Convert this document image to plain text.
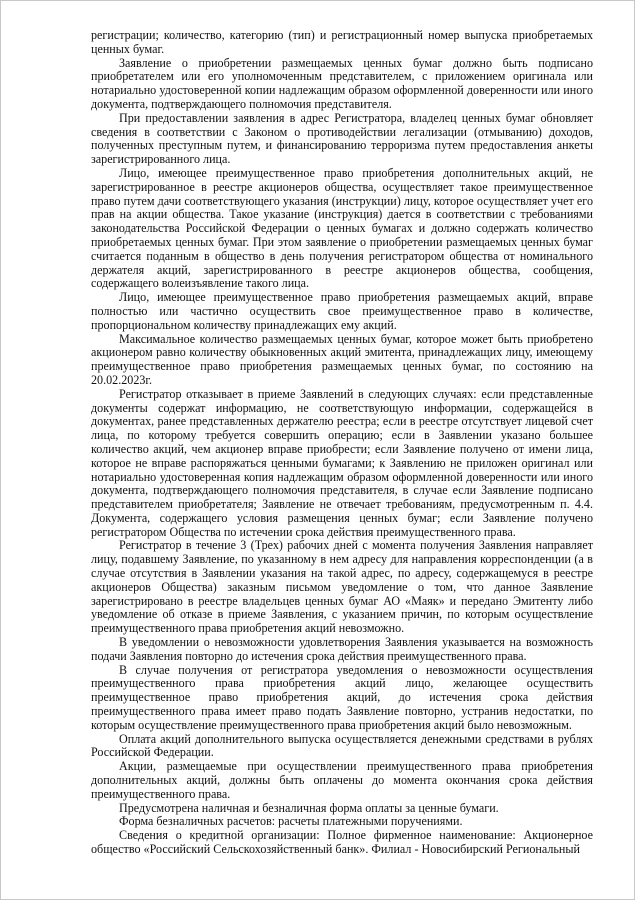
регистрации; количество, категорию (тип) и регистрационный номер выпуска приобретаемых ценных бумаг.

Заявление о приобретении размещаемых ценных бумаг должно быть подписано приобретателем или его уполномоченным представителем, с приложением оригинала или нотариально удостоверенной копии надлежащим образом оформленной доверенности или иного документа, подтверждающего полномочия представителя.

При предоставлении заявления в адрес Регистратора, владелец ценных бумаг обновляет сведения в соответствии с Законом о противодействии легализации (отмыванию) доходов, полученных преступным путем, и финансированию терроризма путем предоставления анкеты зарегистрированного лица.

Лицо, имеющее преимущественное право приобретения дополнительных акций, не зарегистрированное в реестре акционеров общества, осуществляет такое преимущественное право путем дачи соответствующего указания (инструкции) лицу, которое осуществляет учет его прав на акции общества. Такое указание (инструкция) дается в соответствии с требованиями законодательства Российской Федерации о ценных бумагах и должно содержать количество приобретаемых ценных бумаг. При этом заявление о приобретении размещаемых ценных бумаг считается поданным в общество в день получения регистратором общества от номинального держателя акций, зарегистрированного в реестре акционеров общества, сообщения, содержащего волеизъявление такого лица.

Лицо, имеющее преимущественное право приобретения размещаемых акций, вправе полностью или частично осуществить свое преимущественное право в количестве, пропорциональном количеству принадлежащих ему акций.

Максимальное количество размещаемых ценных бумаг, которое может быть приобретено акционером равно количеству обыкновенных акций эмитента, принадлежащих лицу, имеющему преимущественное право приобретения размещаемых ценных бумаг, по состоянию на 20.02.2023г.

Регистратор отказывает в приеме Заявлений в следующих случаях: если представленные документы содержат информацию, не соответствующую информации, содержащейся в документах, ранее представленных держателю реестра; если в реестре отсутствует лицевой счет лица, по которому требуется совершить операцию; если в Заявлении указано большее количество акций, чем акционер вправе приобрести; если Заявление получено от имени лица, которое не вправе распоряжаться ценными бумагами; к Заявлению не приложен оригинал или нотариально удостоверенная копия надлежащим образом оформленной доверенности или иного документа, подтверждающего полномочия представителя, в случае если Заявление подписано представителем приобретателя; Заявление не отвечает требованиям, предусмотренным п. 4.4. Документа, содержащего условия размещения ценных бумаг; если Заявление получено регистратором Общества по истечении срока действия преимущественного права.

Регистратор в течение 3 (Трех) рабочих дней с момента получения Заявления направляет лицу, подавшему Заявление, по указанному в нем адресу для направления корреспонденции (а в случае отсутствия в Заявлении указания на такой адрес, по адресу, содержащемуся в реестре акционеров Общества) заказным письмом уведомление о том, что данное Заявление зарегистрировано в реестре владельцев ценных бумаг АО «Маяк» и передано Эмитенту либо уведомление об отказе в приеме Заявления, с указанием причин, по которым осуществление преимущественного права приобретения акций невозможно.

В уведомлении о невозможности удовлетворения Заявления указывается на возможность подачи Заявления повторно до истечения срока действия преимущественного права.

В случае получения от регистратора уведомления о невозможности осуществления преимущественного права приобретения акций лицо, желающее осуществить преимущественное право приобретения акций, до истечения срока действия преимущественного права имеет право подать Заявление повторно, устранив недостатки, по которым осуществление преимущественного права приобретения акций было невозможным.

Оплата акций дополнительного выпуска осуществляется денежными средствами в рублях Российской Федерации.

Акции, размещаемые при осуществлении преимущественного права приобретения дополнительных акций, должны быть оплачены до момента окончания срока действия преимущественного права.

Предусмотрена наличная и безналичная форма оплаты за ценные бумаги.

Форма безналичных расчетов: расчеты платежными поручениями.

Сведения о кредитной организации: Полное фирменное наименование: Акционерное общество «Российский Сельскохозяйственный банк». Филиал - Новосибирский Региональный
